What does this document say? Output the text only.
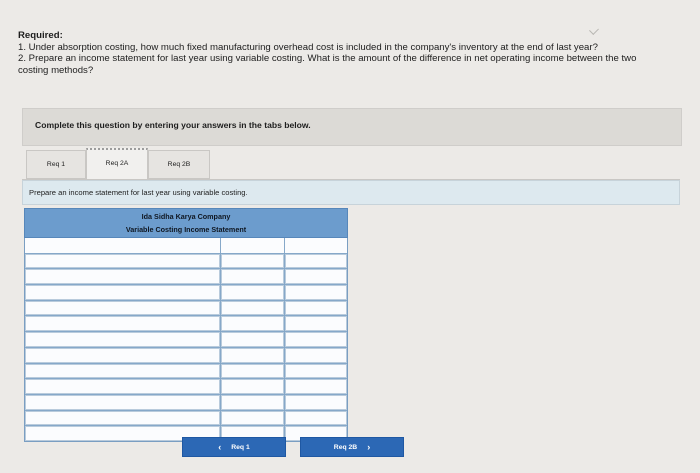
Required:

1. Under absorption costing, how much fixed manufacturing overhead cost is included in the company's inventory at the end of last year?

2. Prepare an income statement for last year using variable costing. What is the amount of the difference in net operating income between the two costing methods?

Complete this question by entering your answers in the tabs below.
Req 1	Req 2A	Req 2B
Prepare an income statement for last year using variable costing.
Ida Sidha Karya Company
Variable Costing Income Statement
‹ Req 1	Req 2B ›
